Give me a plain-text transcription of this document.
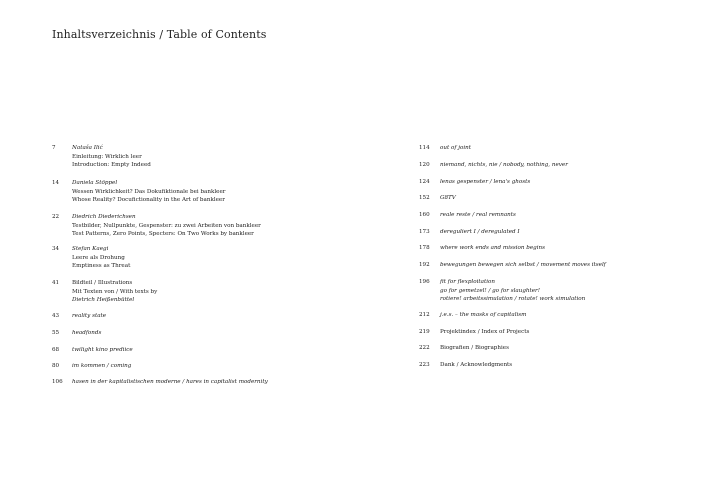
Inhaltsverzeichnis / Table of Contents
7	Nataša Ilić
Einleitung: Wirklich leer
Introduction: Empty Indeed
14	Daniela Stöppel
Wessen Wirklichkeit? Das Dokufiktionale bei bankleer
Whose Reality? Docufictionality in the Art of bankleer
22	Diedrich Diederichsen
Testbilder, Nullpunkte, Gespenster: zu zwei Arbeiten von bankleer
Test Patterns, Zero Points, Specters: On Two Works by bankleer
34	Stefan Kaegi
Leere als Drohung
Emptiness as Threat
41	Bildteil / Illustrations
Mit Texten von / With texts by
Dietrich Heißenbüttel
43	reality state
55	headfonds
68	twilight kino prediice
80	im kommen / coming
106	hasen in der kapitalistischen moderne / hares in capitalist modernity
114	out of joint
120	niemand, nichts, nie / nobody, nothing, never
124	lenas gespenster / lena's ghosts
152	G8TV
160	reale reste / real remnants
173	dereguliert I / deregulated I
178	where work ends and mission begins
192	bewegungen bewegen sich selbst / movement moves itself
196	fit for flexploitation
go for gemetzel! / go for slaughter!
rotiere! arbeitssimulation / rotate! work simulation
212	j.e.s. – the masks of capitalism
219	Projektindex / Index of Projects
222	Biografien / Biographies
223	Dank / Acknowledgments
